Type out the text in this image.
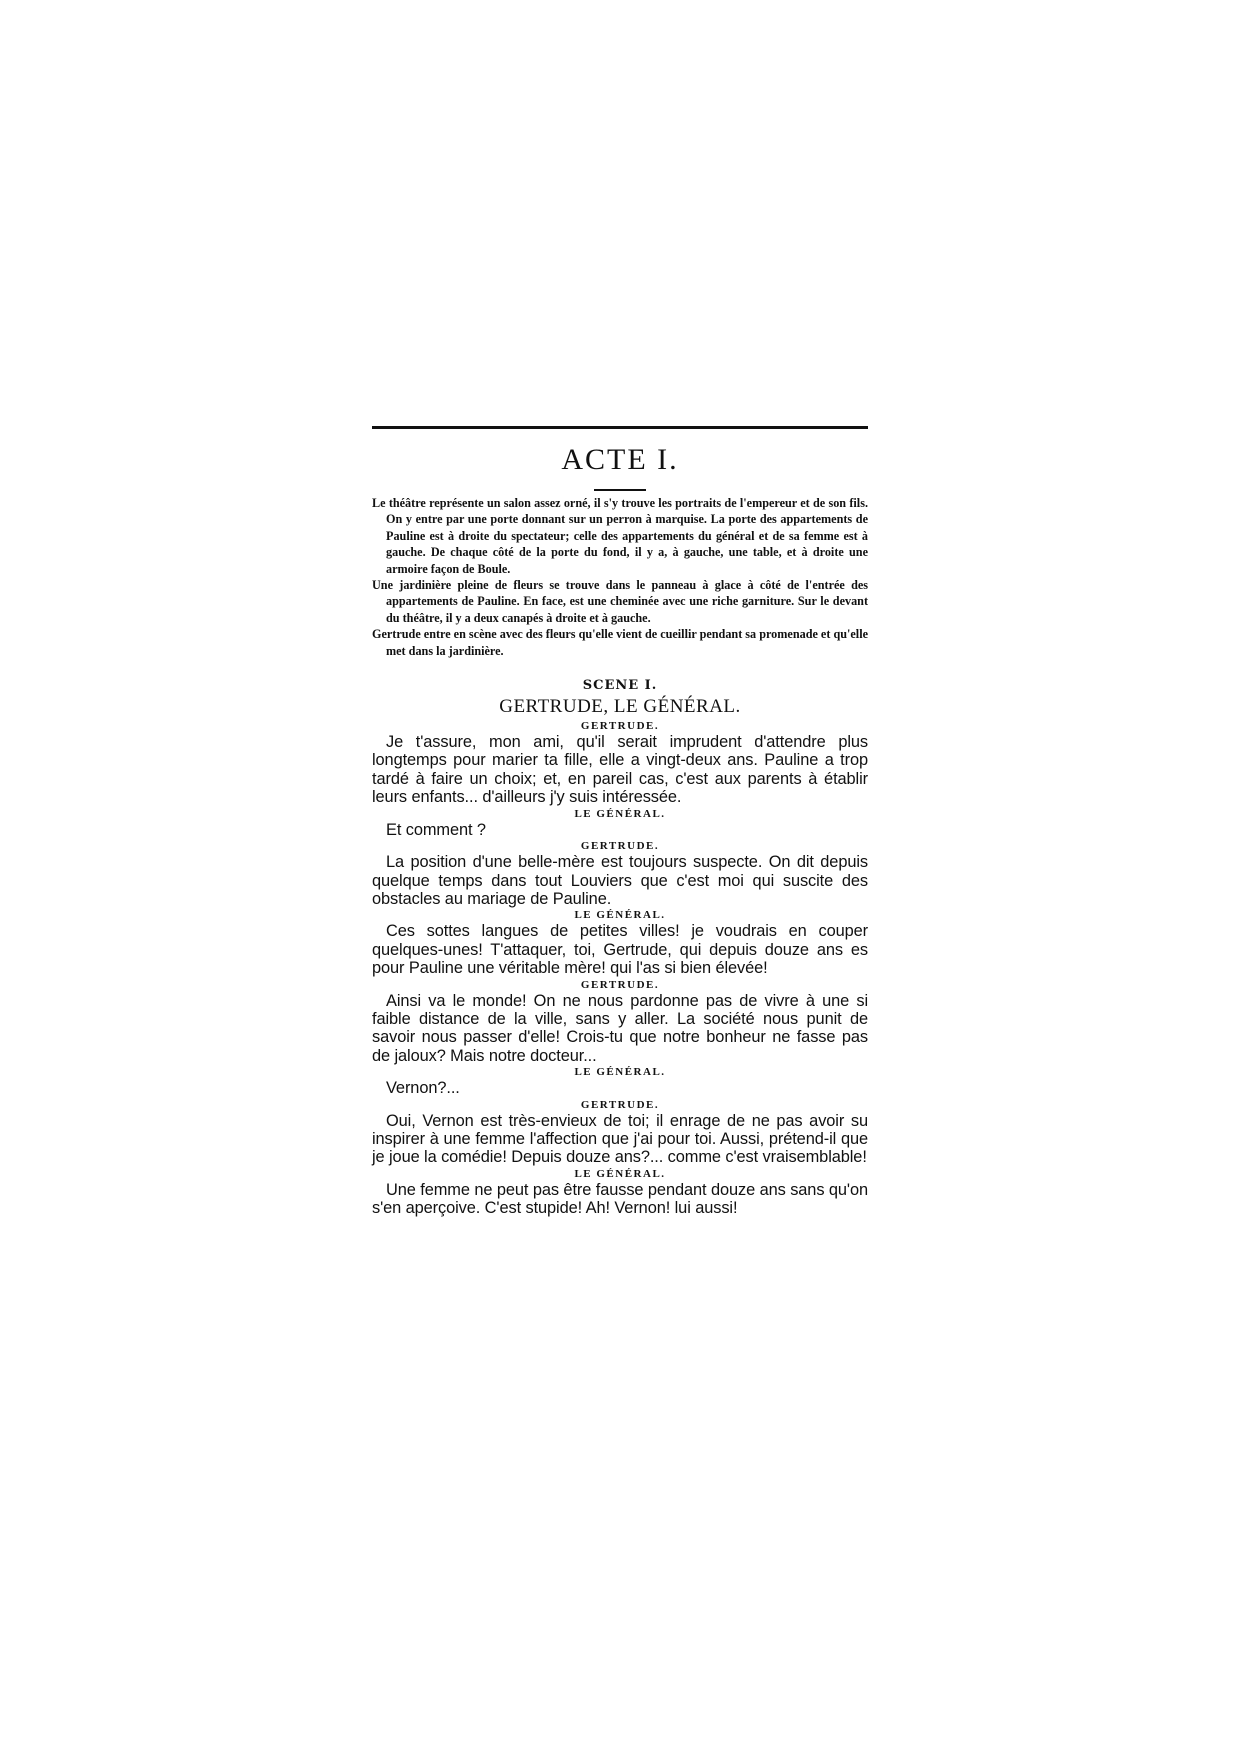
ACTE I.

Le théâtre représente un salon assez orné, il s'y trouve les portraits de l'empereur et de son fils. On y entre par une porte donnant sur un perron à marquise. La porte des appartements de Pauline est à droite du spectateur; celle des appartements du général et de sa femme est à gauche. De chaque côté de la porte du fond, il y a, à gauche, une table, et à droite une armoire façon de Boule.

Une jardinière pleine de fleurs se trouve dans le panneau à glace à côté de l'entrée des appartements de Pauline. En face, est une cheminée avec une riche garniture. Sur le devant du théâtre, il y a deux canapés à droite et à gauche.

Gertrude entre en scène avec des fleurs qu'elle vient de cueillir pendant sa promenade et qu'elle met dans la jardinière.

SCENE I.
GERTRUDE, LE GÉNÉRAL.
GERTRUDE.

Je t'assure, mon ami, qu'il serait imprudent d'attendre plus longtemps pour marier ta fille, elle a vingt-deux ans. Pauline a trop tardé à faire un choix; et, en pareil cas, c'est aux parents à établir leurs enfants... d'ailleurs j'y suis intéressée.

LE GÉNÉRAL.

Et comment ?

GERTRUDE.

La position d'une belle-mère est toujours suspecte. On dit depuis quelque temps dans tout Louviers que c'est moi qui suscite des obstacles au mariage de Pauline.

LE GÉNÉRAL.

Ces sottes langues de petites villes! je voudrais en couper quelques-unes! T'attaquer, toi, Gertrude, qui depuis douze ans es pour Pauline une véritable mère! qui l'as si bien élevée!

GERTRUDE.

Ainsi va le monde! On ne nous pardonne pas de vivre à une si faible distance de la ville, sans y aller. La société nous punit de savoir nous passer d'elle! Crois-tu que notre bonheur ne fasse pas de jaloux? Mais notre docteur...

LE GÉNÉRAL.

Vernon?...

GERTRUDE.

Oui, Vernon est très-envieux de toi; il enrage de ne pas avoir su inspirer à une femme l'affection que j'ai pour toi. Aussi, prétend-il que je joue la comédie! Depuis douze ans?... comme c'est vraisemblable!

LE GÉNÉRAL.

Une femme ne peut pas être fausse pendant douze ans sans qu'on s'en aperçoive. C'est stupide! Ah! Vernon! lui aussi!
